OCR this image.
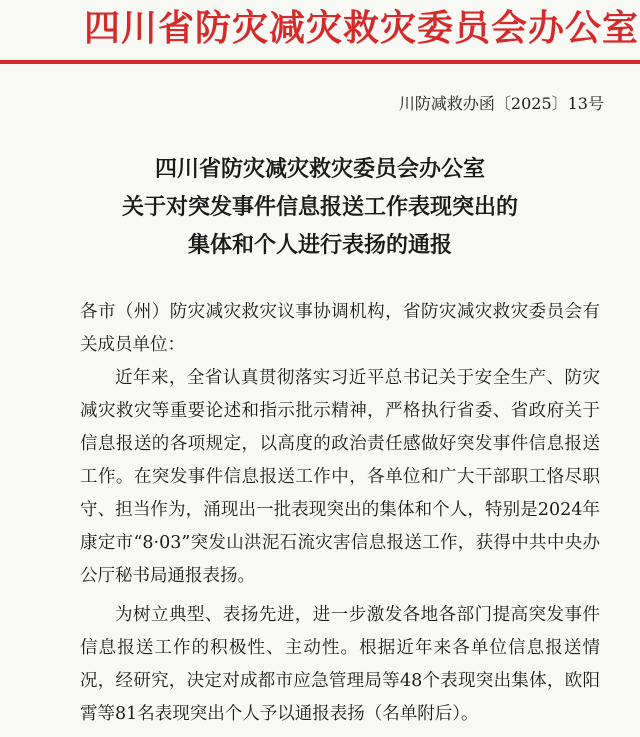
四川省防灾减灾救灾委员会办公室
川防减救办函〔2025〕13号
四川省防灾减灾救灾委员会办公室
关于对突发事件信息报送工作表现突出的
集体和个人进行表扬的通报

各市（州）防灾减灾救灾议事协调机构，省防灾减灾救灾委员会有关成员单位：

近年来，全省认真贯彻落实习近平总书记关于安全生产、防灾减灾救灾等重要论述和指示批示精神，严格执行省委、省政府关于信息报送的各项规定，以高度的政治责任感做好突发事件信息报送工作。在突发事件信息报送工作中，各单位和广大干部职工恪尽职守、担当作为，涌现出一批表现突出的集体和个人，特别是2024年康定市“8·03”突发山洪泥石流灾害信息报送工作，获得中共中央办公厅秘书局通报表扬。

为树立典型、表扬先进，进一步激发各地各部门提高突发事件信息报送工作的积极性、主动性。根据近年来各单位信息报送情况，经研究，决定对成都市应急管理局等48个表现突出集体，欧阳霄等81名表现突出个人予以通报表扬（名单附后）。
